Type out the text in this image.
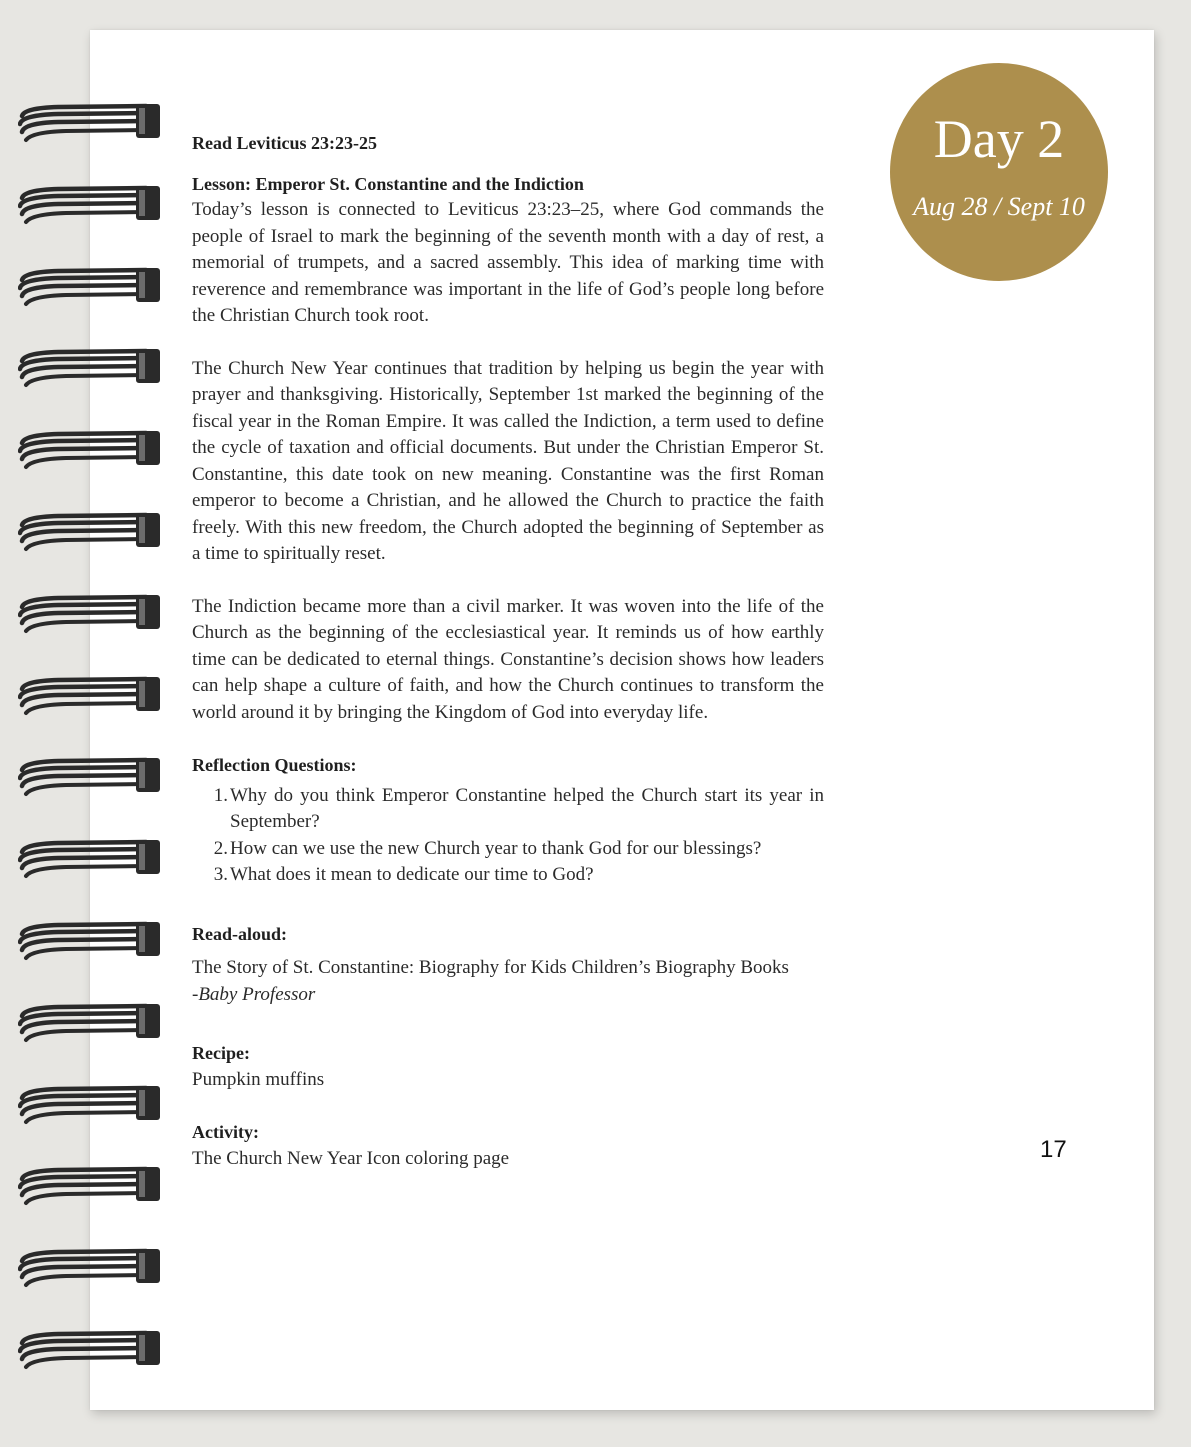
Day 2
Aug 28 / Sept 10
Read Leviticus 23:23-25
Lesson: Emperor St. Constantine and the Indiction

Today’s lesson is connected to Leviticus 23:23–25, where God commands the people of Israel to mark the beginning of the seventh month with a day of rest, a memorial of trumpets, and a sacred assembly. This idea of marking time with reverence and remembrance was important in the life of God’s people long before the Christian Church took root.

The Church New Year continues that tradition by helping us begin the year with prayer and thanksgiving. Historically, September 1st marked the beginning of the fiscal year in the Roman Empire. It was called the Indiction, a term used to define the cycle of taxation and official documents. But under the Christian Emperor St. Constantine, this date took on new meaning. Constantine was the first Roman emperor to become a Christian, and he allowed the Church to practice the faith freely. With this new freedom, the Church adopted the beginning of September as a time to spiritually reset.

The Indiction became more than a civil marker. It was woven into the life of the Church as the beginning of the ecclesiastical year. It reminds us of how earthly time can be dedicated to eternal things. Constantine’s decision shows how leaders can help shape a culture of faith, and how the Church continues to transform the world around it by bringing the Kingdom of God into everyday life.

Reflection Questions:
1. Why do you think Emperor Constantine helped the Church start its year in September?
2. How can we use the new Church year to thank God for our blessings?
3. What does it mean to dedicate our time to God?
Read-aloud:
The Story of St. Constantine: Biography for Kids Children’s Biography Books
-Baby Professor
Recipe:
Pumpkin muffins
Activity:
The Church New Year Icon coloring page	17
